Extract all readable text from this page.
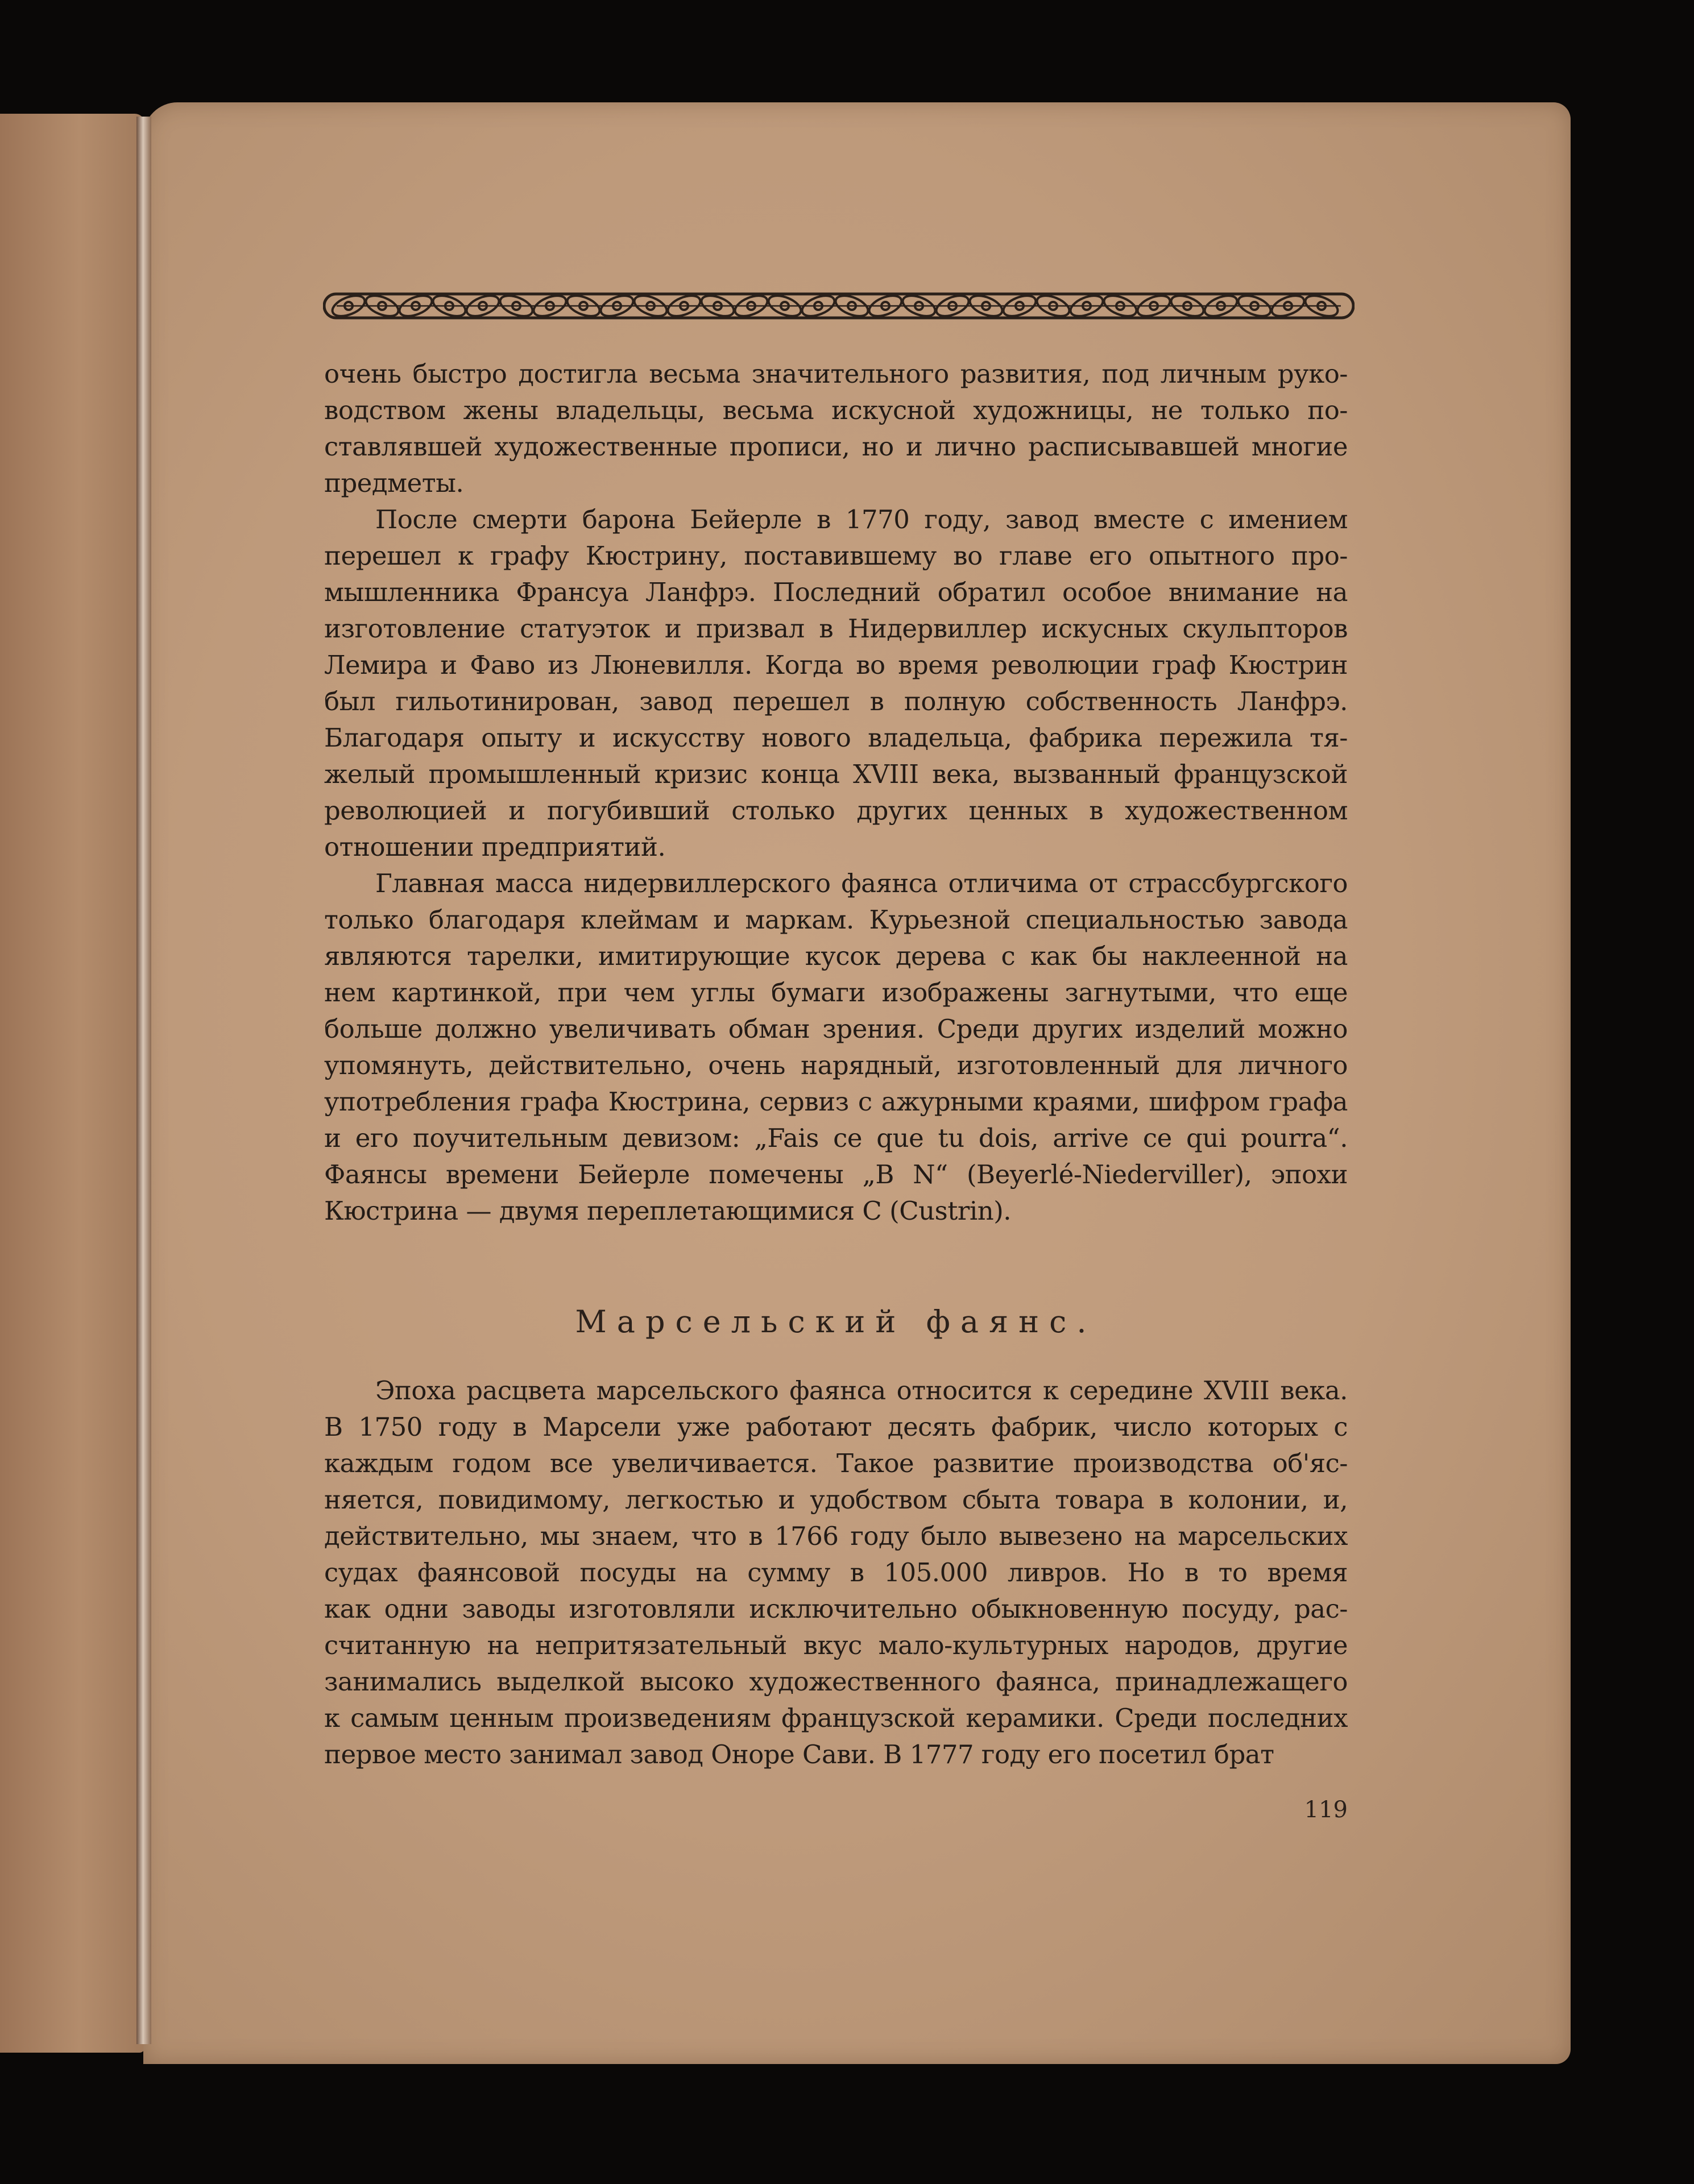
очень быстро достигла весьма значительного развития, под личным руко-
водством жены владельцы, весьма искусной художницы, не только по-
ставлявшей художественные прописи, но и лично расписывавшей многие
предметы.
После смерти барона Бейерле в 1770 году, завод вместе с имением
перешел к графу Кюстрину, поставившему во главе его опытного про-
мышленника Франсуа Ланфрэ. Последний обратил особое внимание на
изготовление статуэток и призвал в Нидервиллер искусных скульпторов
Лемира и Фаво из Люневилля. Когда во время революции граф Кюстрин
был гильотинирован, завод перешел в полную собственность Ланфрэ.
Благодаря опыту и искусству нового владельца, фабрика пережила тя-
желый промышленный кризис конца XVIII века, вызванный французской
революцией и погубивший столько других ценных в художественном
отношении предприятий.
Главная масса нидервиллерского фаянса отличима от страссбургского
только благодаря клеймам и маркам. Курьезной специальностью завода
являются тарелки, имитирующие кусок дерева с как бы наклеенной на
нем картинкой, при чем углы бумаги изображены загнутыми, что еще
больше должно увеличивать обман зрения. Среди других изделий можно
упомянуть, действительно, очень нарядный, изготовленный для личного
употребления графа Кюстрина, сервиз с ажурными краями, шифром графа
и его поучительным девизом: „Fais ce que tu dois, arrive ce qui pourra“.
Фаянсы времени Бейерле помечены „B N“ (Beyerlé-Niederviller), эпохи
Кюстрина — двумя переплетающимися C (Custrin).
Марсельский фаянс.
Эпоха расцвета марсельского фаянса относится к середине XVIII века.
В 1750 году в Марсели уже работают десять фабрик, число которых с
каждым годом все увеличивается. Такое развитие производства об'яс-
няется, повидимому, легкостью и удобством сбыта товара в колонии, и,
действительно, мы знаем, что в 1766 году было вывезено на марсельских
судах фаянсовой посуды на сумму в 105.000 ливров. Но в то время
как одни заводы изготовляли исключительно обыкновенную посуду, рас-
считанную на непритязательный вкус мало-культурных народов, другие
занимались выделкой высоко художественного фаянса, принадлежащего
к самым ценным произведениям французской керамики. Среди последних
первое место занимал завод Оноре Сави. В 1777 году его посетил брат
119
